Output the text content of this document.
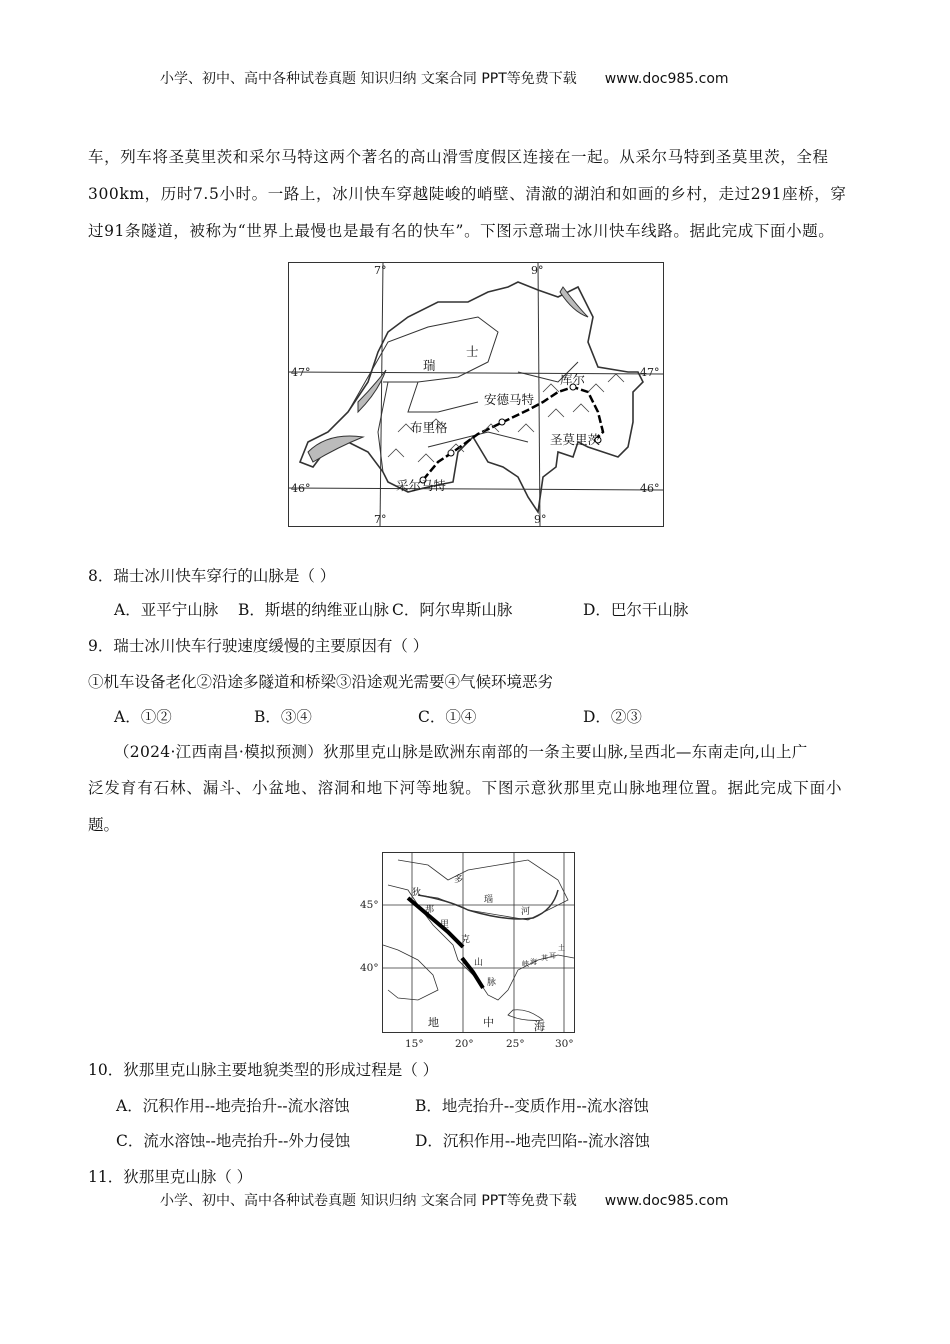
小学、初中、高中各种试卷真题 知识归纳 文案合同 PPT等免费下载 www.doc985.com
车，列车将圣莫里茨和采尔马特这两个著名的高山滑雪度假区连接在一起。从采尔马特到圣莫里茨，全程
300km，历时7.5小时。一路上，冰川快车穿越陡峻的峭壁、清澈的湖泊和如画的乡村，走过291座桥，穿
过91条隧道，被称为“世界上最慢也是最有名的快车”。下图示意瑞士冰川快车线路。据此完成下面小题。
7°	9°
7°	9°
47°	47°
46°	46°
瑞
士
库尔
安德马特
布里格
圣莫里茨
采尔马特
15°	20°	25°	30°
45°
40°
狄
那
里
克
山
脉
多
瑙
河
地	中	海
土
耳
其
海
峡
8．瑞士冰川快车穿行的山脉是（ ）
A．亚平宁山脉 B．斯堪的纳维亚山脉 C．阿尔卑斯山脉	D．巴尔干山脉
9．瑞士冰川快车行驶速度缓慢的主要原因有（ ）
①机车设备老化②沿途多隧道和桥梁③沿途观光需要④气候环境恶劣
A．①②	B．③④	C．①④	D．②③
（2024·江西南昌·模拟预测）狄那里克山脉是欧洲东南部的一条主要山脉,呈西北—东南走向,山上广
泛发育有石林、漏斗、小盆地、溶洞和地下河等地貌。下图示意狄那里克山脉地理位置。据此完成下面小
题。
10．狄那里克山脉主要地貌类型的形成过程是（ ）
A．沉积作用--地壳抬升--流水溶蚀	B．地壳抬升--变质作用--流水溶蚀
C．流水溶蚀--地壳抬升--外力侵蚀	D．沉积作用--地壳凹陷--流水溶蚀
11．狄那里克山脉（ ）
小学、初中、高中各种试卷真题 知识归纳 文案合同 PPT等免费下载 www.doc985.com
